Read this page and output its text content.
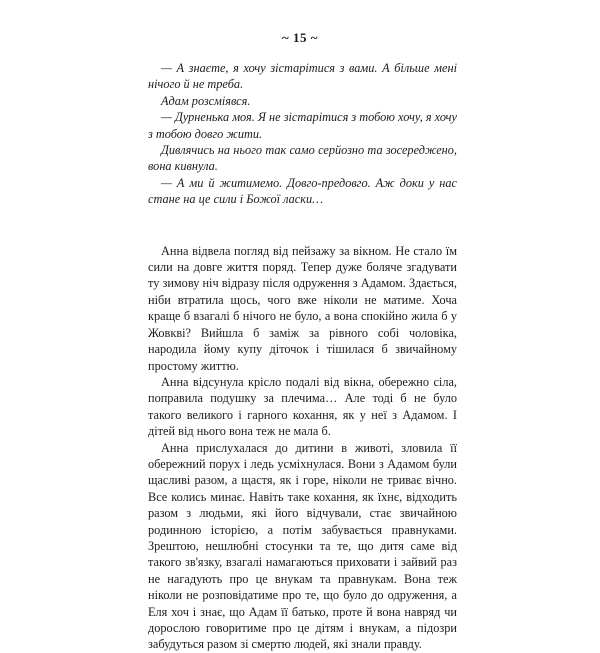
~ 15 ~

— А знаєте, я хочу зістарітися з вами. А більше мені нічого й не треба.

Адам розсміявся.

— Дурненька моя. Я не зістарітися з тобою хочу, я хочу з тобою довго жити.

Дивлячись на нього так само серйозно та зосереджено, вона кивнула.

— А ми й житимемо. Довго-предовго. Аж доки у нас стане на це сили і Божої ласки…

Анна відвела погляд від пейзажу за вікном. Не стало їм сили на довге життя поряд. Тепер дуже боляче згадувати ту зимову ніч відразу після одруження з Адамом. Здається, ніби втратила щось, чого вже ніколи не матиме. Хоча краще б взагалі б нічого не було, а вона спокійно жила б у Жовкві? Вийшла б заміж за рівного собі чоловіка, народила йому купу діточок і тішилася б звичайному простому життю.

Анна відсунула крісло подалі від вікна, обережно сіла, поправила подушку за плечима… Але тоді б не було такого великого і гарного кохання, як у неї з Адамом. І дітей від нього вона теж не мала б.

Анна прислухалася до дитини в животі, зловила її обережний порух і ледь усміхнулася. Вони з Адамом були щасливі разом, а щастя, як і горе, ніколи не триває вічно. Все колись минає. Навіть таке кохання, як їхнє, відходить разом з людьми, які його відчували, стає звичайною родинною історією, а потім забувається правнуками. Зрештою, нешлюбні стосунки та те, що дитя саме від такого зв'язку, взагалі намагаються приховати і зайвий раз не нагадують про це внукам та правнукам. Вона теж ніколи не розповідатиме про те, що було до одруження, а Еля хоч і знає, що Адам її батько, проте й вона навряд чи дорослою говоритиме про це дітям і внукам, а підозри забудуться разом зі смертю людей, які знали правду.
